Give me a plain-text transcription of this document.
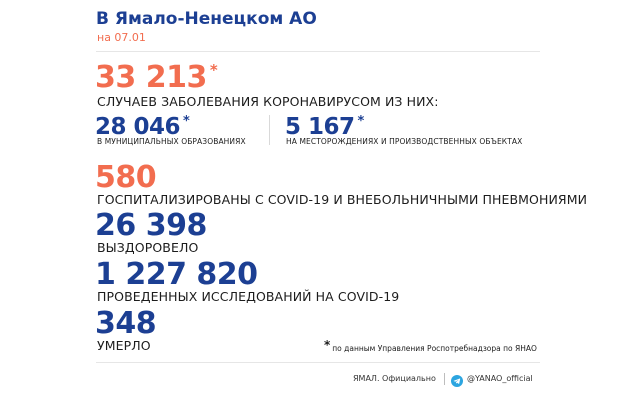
В Ямало-Ненецком АО
на 07.01
33 213 *
СЛУЧАЕВ ЗАБОЛЕВАНИЯ КОРОНАВИРУСОМ ИЗ НИХ:
28 046 *
В МУНИЦИПАЛЬНЫХ ОБРАЗОВАНИЯХ
5 167 *
НА МЕСТОРОЖДЕНИЯХ И ПРОИЗВОДСТВЕННЫХ ОБЪЕКТАХ
580
ГОСПИТАЛИЗИРОВАНЫ С COVID-19 И ВНЕБОЛЬНИЧНЫМИ ПНЕВМОНИЯМИ
26 398
ВЫЗДОРОВЕЛО
1 227 820
ПРОВЕДЕННЫХ ИССЛЕДОВАНИЙ НА COVID-19
348
УМЕРЛО	* по данным Управления Роспотребнадзора по ЯНАО
ЯМАЛ. Официально	@YANAO_official
